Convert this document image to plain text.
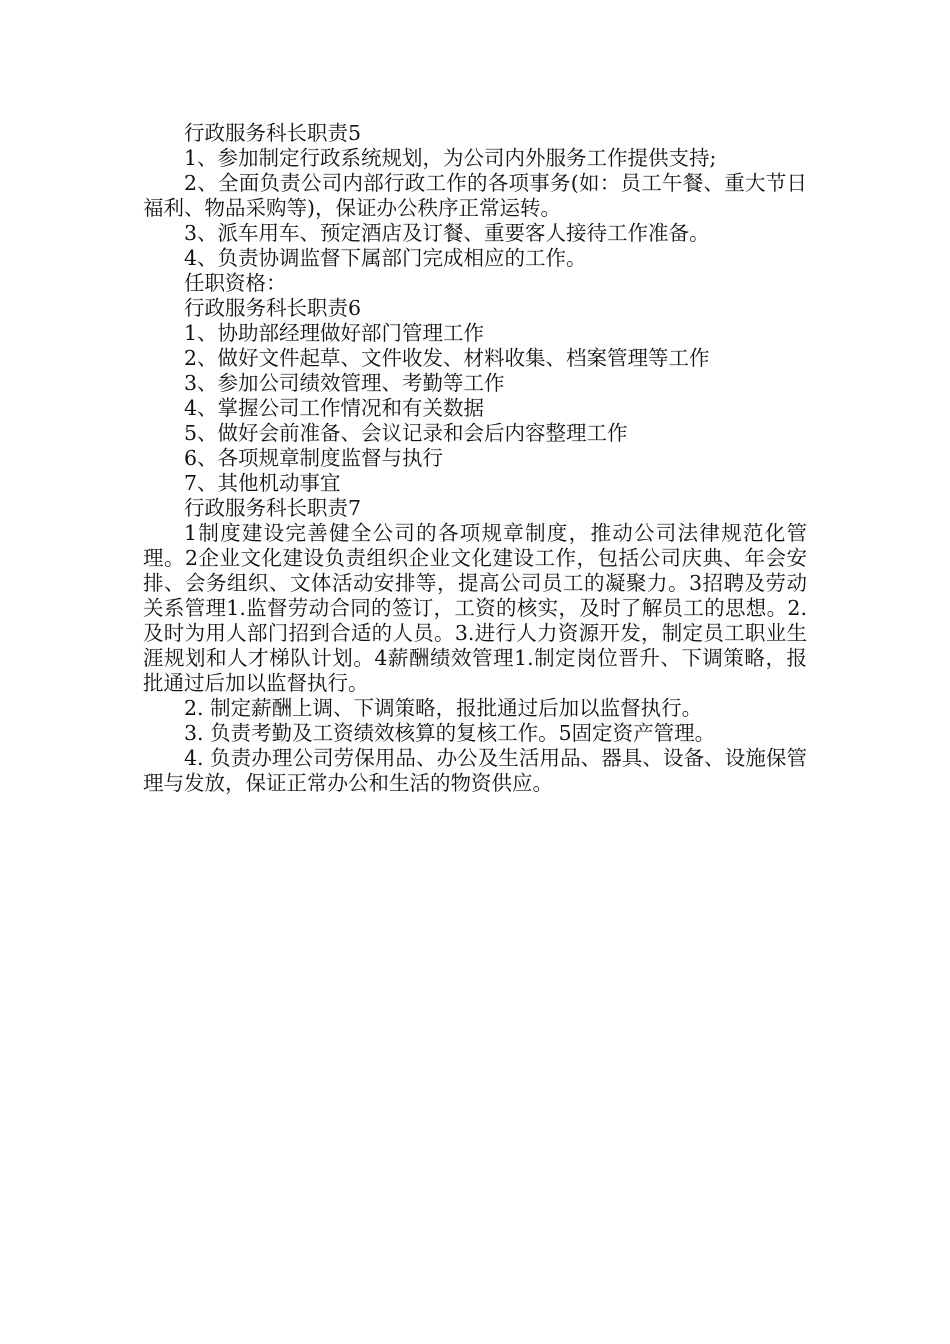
行政服务科长职责5

1、参加制定行政系统规划，为公司内外服务工作提供支持;

2、全面负责公司内部行政工作的各项事务(如：员工午餐、重大节日福利、物品采购等)，保证办公秩序正常运转。

3、派车用车、预定酒店及订餐、重要客人接待工作准备。

4、负责协调监督下属部门完成相应的工作。

任职资格：

行政服务科长职责6

1、协助部经理做好部门管理工作

2、做好文件起草、文件收发、材料收集、档案管理等工作

3、参加公司绩效管理、考勤等工作

4、掌握公司工作情况和有关数据

5、做好会前准备、会议记录和会后内容整理工作

6、各项规章制度监督与执行

7、其他机动事宜

行政服务科长职责7

1制度建设完善健全公司的各项规章制度，推动公司法律规范化管理。2企业文化建设负责组织企业文化建设工作，包括公司庆典、年会安排、会务组织、文体活动安排等，提高公司员工的凝聚力。3招聘及劳动关系管理1.监督劳动合同的签订，工资的核实，及时了解员工的思想。2.及时为用人部门招到合适的人员。3.进行人力资源开发，制定员工职业生涯规划和人才梯队计划。4薪酬绩效管理1.制定岗位晋升、下调策略，报批通过后加以监督执行。

2. 制定薪酬上调、下调策略，报批通过后加以监督执行。

3. 负责考勤及工资绩效核算的复核工作。5固定资产管理。

4. 负责办理公司劳保用品、办公及生活用品、器具、设备、设施保管理与发放，保证正常办公和生活的物资供应。
